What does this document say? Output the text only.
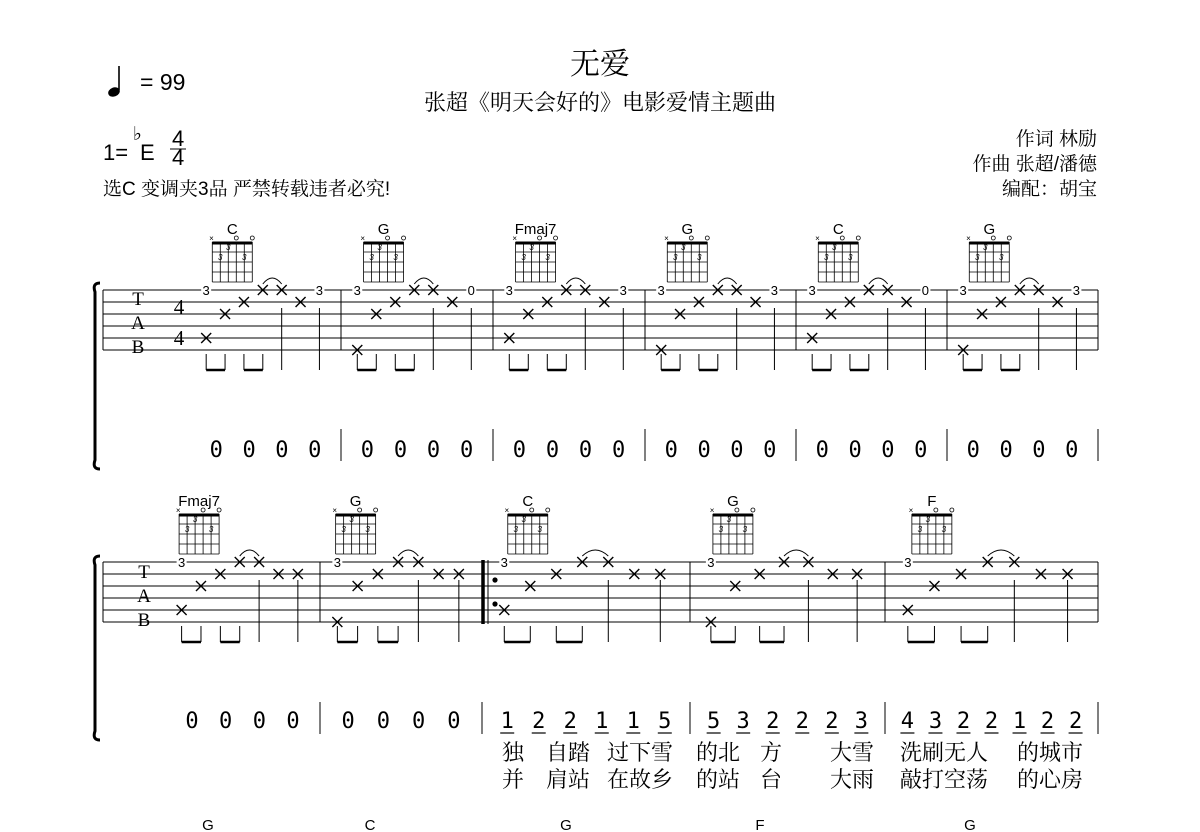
无爱
张超《明天会好的》电影爱情主题曲
= 99
1=
♭
E
4
4
选C 变调夹3品 严禁转载违者必究!
作词 林励
作曲 张超/潘德
编配：胡宝
T
A
B
4
4
T
A
B
C
3
3
3
×
G
3
3
3
×
Fmaj7
3
3
3
×
G
3
3
3
×
C
3
3
3
×
G
3
3
3
×
Fmaj7
3
3
3
×
G
3
3
3
×
C
3
3
3
×
G
3
3
3
×
F
3
3
3
×
3	3 3	0 3	3 3	3 3	0 3	3
3	3	3	3	3
0 0 0 0 0 0 0 0 0 0 0 0 0 0 0 0 0 0 0 0 0 0 0 0
0 0 0 0 0 0 0 0 1 2 2 1 1 5 5 3 2 2 2 3 4 3 2 2 1 2 2
独 自踏 过下雪 的北 方 大雪 洗刷无人 的城市
并 肩站 在故乡 的站 台 大雨 敲打空荡 的心房
G	C	G	F	G
